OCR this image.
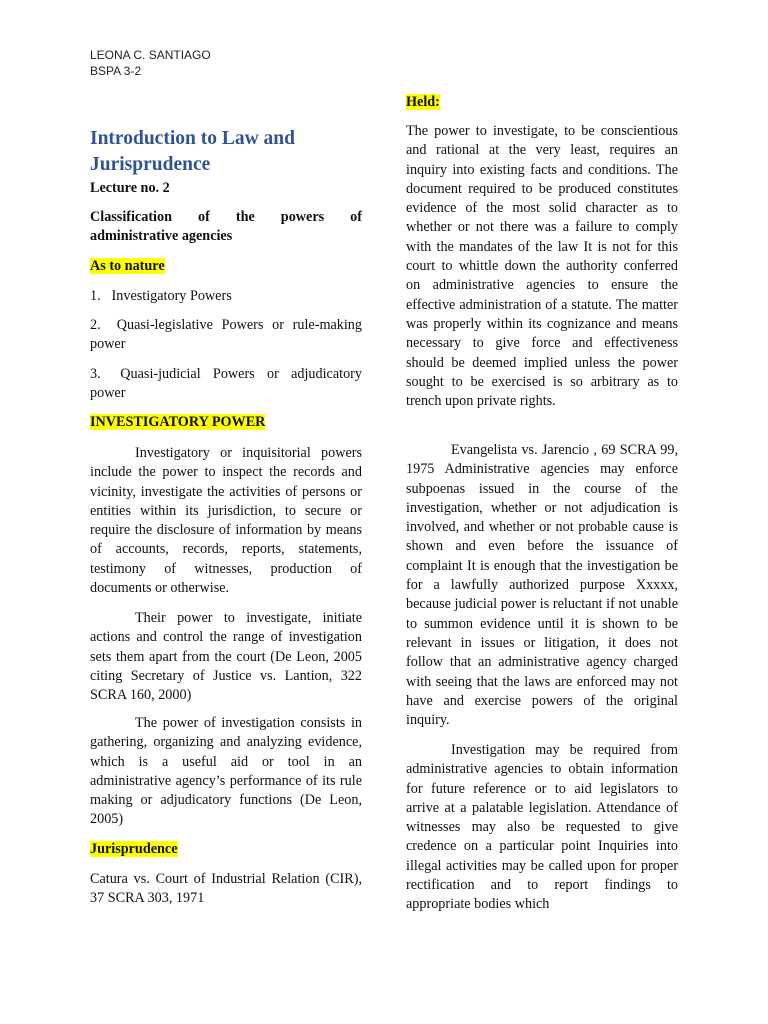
LEONA C. SANTIAGO
BSPA 3-2
Introduction to Law and Jurisprudence

Lecture no. 2

Classification of the powers of administrative agencies

As to nature

1. Investigatory Powers

2. Quasi-legislative Powers or rule-making power

3. Quasi-judicial Powers or adjudicatory power

INVESTIGATORY POWER

Investigatory or inquisitorial powers include the power to inspect the records and vicinity, investigate the activities of persons or entities within its jurisdiction, to secure or require the disclosure of information by means of accounts, records, reports, statements, testimony of witnesses, production of documents or otherwise.

Their power to investigate, initiate actions and control the range of investigation sets them apart from the court (De Leon, 2005 citing Secretary of Justice vs. Lantion, 322 SCRA 160, 2000)

The power of investigation consists in gathering, organizing and analyzing evidence, which is a useful aid or tool in an administrative agency’s performance of its rule making or adjudicatory functions (De Leon, 2005)

Jurisprudence

Catura vs. Court of Industrial Relation (CIR), 37 SCRA 303, 1971

Held:

The power to investigate, to be conscientious and rational at the very least, requires an inquiry into existing facts and conditions. The document required to be produced constitutes evidence of the most solid character as to whether or not there was a failure to comply with the mandates of the law It is not for this court to whittle down the authority conferred on administrative agencies to ensure the effective administration of a statute. The matter was properly within its cognizance and means necessary to give force and effectiveness should be deemed implied unless the power sought to be exercised is so arbitrary as to trench upon private rights.

Evangelista vs. Jarencio , 69 SCRA 99, 1975 Administrative agencies may enforce subpoenas issued in the course of the investigation, whether or not adjudication is involved, and whether or not probable cause is shown and even before the issuance of complaint It is enough that the investigation be for a lawfully authorized purpose Xxxxx, because judicial power is reluctant if not unable to summon evidence until it is shown to be relevant in issues or litigation, it does not follow that an administrative agency charged with seeing that the laws are enforced may not have and exercise powers of the original inquiry.

Investigation may be required from administrative agencies to obtain information for future reference or to aid legislators to arrive at a palatable legislation. Attendance of witnesses may also be requested to give credence on a particular point Inquiries into illegal activities may be called upon for proper rectification and to report findings to appropriate bodies which
